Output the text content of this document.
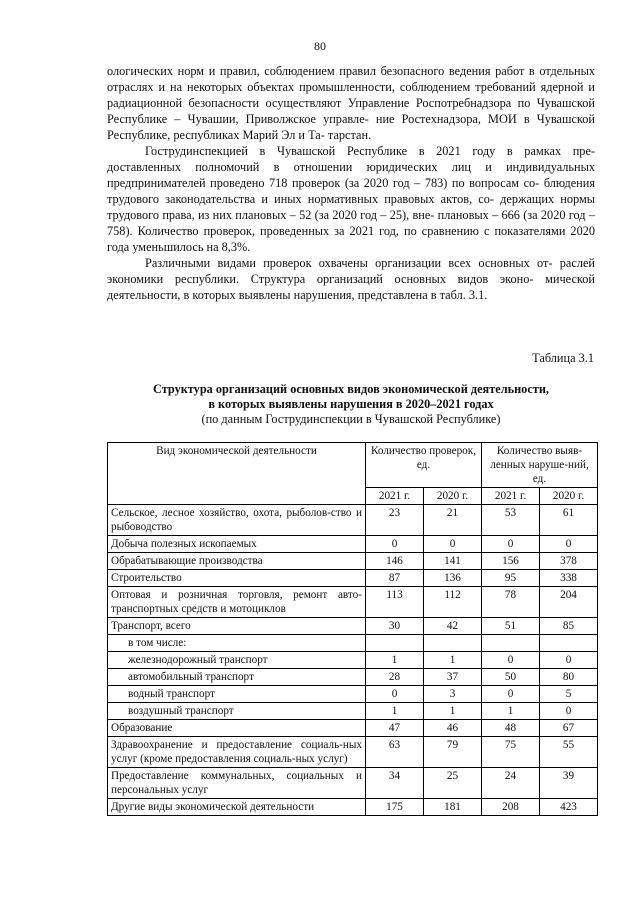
80

ологических норм и правил, соблюдением правил безопасного ведения работ в отдельных отраслях и на некоторых объектах промышленности, соблюдением требований ядерной и радиационной безопасности осуществляют Управление Роспотребнадзора по Чувашской Республике – Чувашии, Приволжское управле- ние Ростехнадзора, МОИ в Чувашской Республике, республиках Марий Эл и Та- тарстан.

Гострудинспекцией в Чувашской Республике в 2021 году в рамках пре- доставленных полномочий в отношении юридических лиц и индивидуальных предпринимателей проведено 718 проверок (за 2020 год – 783) по вопросам со- блюдения трудового законодательства и иных нормативных правовых актов, со- держащих нормы трудового права, из них плановых – 52 (за 2020 год – 25), вне- плановых – 666 (за 2020 год – 758). Количество проверок, проведенных за 2021 год, по сравнению с показателями 2020 года уменьшилось на 8,3%.

Различными видами проверок охвачены организации всех основных от- раслей экономики республики. Структура организаций основных видов эконо- мической деятельности, в которых выявлены нарушения, представлена в табл. 3.1.

Таблица 3.1
Структура организаций основных видов экономической деятельности,
в которых выявлены нарушения в 2020–2021 годах
(по данным Гострудинспекции в Чувашской Республике)
Вид экономической деятельности	Количество проверок, ед.		Количество выяв-ленных наруше-ний, ед.	
	2021 г.	2020 г.	2021 г.	2020 г.
Сельское, лесное хозяйство, охота, рыболов-ство и рыбоводство	23	21	53	61
Добыча полезных ископаемых	0	0	0	0
Обрабатывающие производства	146	141	156	378
Строительство	87	136	95	338
Оптовая и розничная торговля, ремонт авто-транспортных средств и мотоциклов	113	112	78	204
Транспорт, всего	30	42	51	85
в том числе:				
железнодорожный транспорт	1	1	0	0
автомобильный транспорт	28	37	50	80
водный транспорт	0	3	0	5
воздушный транспорт	1	1	1	0
Образование	47	46	48	67
Здравоохранение и предоставление социаль-ных услуг (кроме предоставления социаль-ных услуг)	63	79	75	55
Предоставление коммунальных, социальных и персональных услуг	34	25	24	39
Другие виды экономической деятельности	175	181	208	423
